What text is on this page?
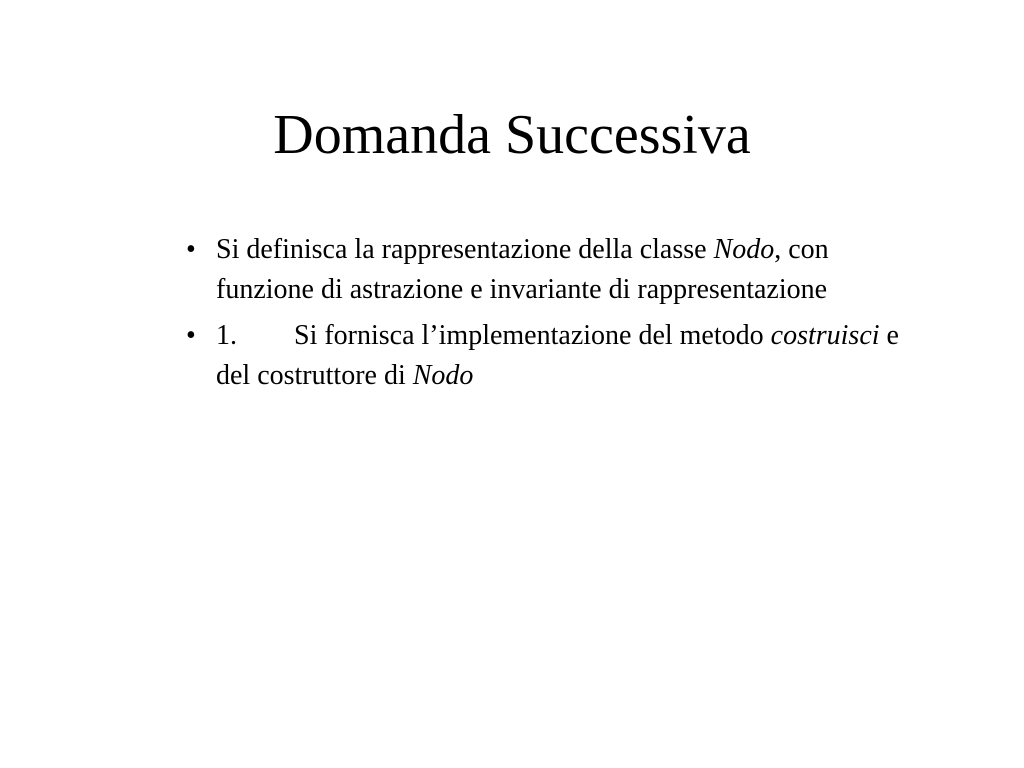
Domanda Successiva
• Si definisca la rappresentazione della classe Nodo, con funzione di astrazione e invariante di rappresentazione
• 1. Si fornisca l’implementazione del metodo costruisci e del costruttore di Nodo
